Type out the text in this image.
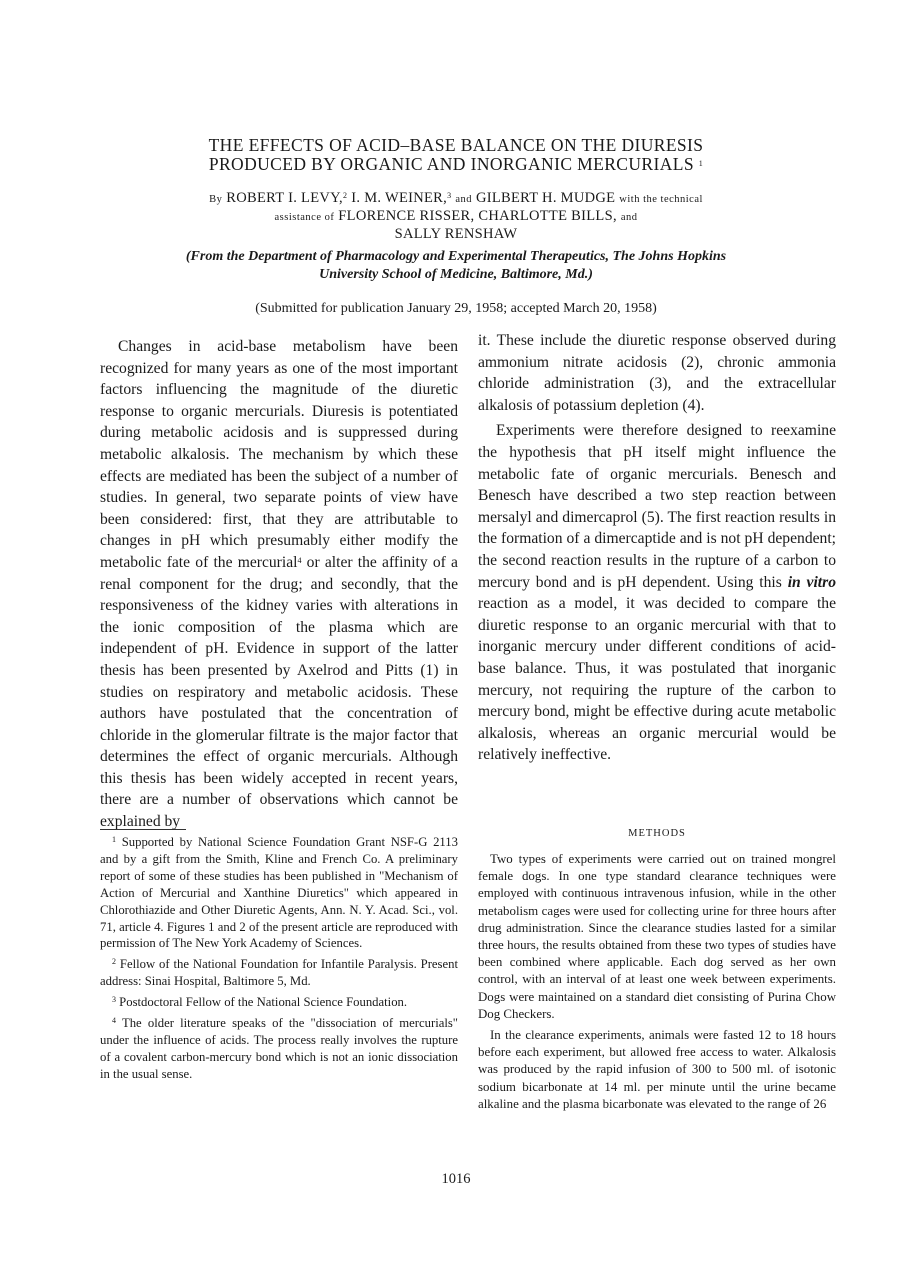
THE EFFECTS OF ACID–BASE BALANCE ON THE DIURESIS
PRODUCED BY ORGANIC AND INORGANIC MERCURIALS $^1$
By ROBERT I. LEVY,$^2$ I. M. WEINER,$^3$ and GILBERT H. MUDGE with the technical
assistance of FLORENCE RISSER, CHARLOTTE BILLS, and
SALLY RENSHAW
(From the Department of Pharmacology and Experimental Therapeutics, The Johns Hopkins
University School of Medicine, Baltimore, Md.)
(Submitted for publication January 29, 1958; accepted March 20, 1958)

Changes in acid-base metabolism have been recognized for many years as one of the most important factors influencing the magnitude of the diuretic response to organic mercurials. Diuresis is potentiated during metabolic acidosis and is suppressed during metabolic alkalosis. The mechanism by which these effects are mediated has been the subject of a number of studies. In general, two separate points of view have been considered: first, that they are attributable to changes in pH which presumably either modify the metabolic fate of the mercurial$^4$ or alter the affinity of a renal component for the drug; and secondly, that the responsiveness of the kidney varies with alterations in the ionic composition of the plasma which are independent of pH. Evidence in support of the latter thesis has been presented by Axelrod and Pitts (1) in studies on respiratory and metabolic acidosis. These authors have postulated that the concentration of chloride in the glomerular filtrate is the major factor that determines the effect of organic mercurials. Although this thesis has been widely accepted in recent years, there are a number of observations which cannot be explained by

it. These include the diuretic response observed during ammonium nitrate acidosis (2), chronic ammonia chloride administration (3), and the extracellular alkalosis of potassium depletion (4).

Experiments were therefore designed to reexamine the hypothesis that pH itself might influence the metabolic fate of organic mercurials. Benesch and Benesch have described a two step reaction between mersalyl and dimercaprol (5). The first reaction results in the formation of a dimercaptide and is not pH dependent; the second reaction results in the rupture of a carbon to mercury bond and is pH dependent. Using this in vitro reaction as a model, it was decided to compare the diuretic response to an organic mercurial with that to inorganic mercury under different conditions of acid-base balance. Thus, it was postulated that inorganic mercury, not requiring the rupture of the carbon to mercury bond, might be effective during acute metabolic alkalosis, whereas an organic mercurial would be relatively ineffective.

$^1$ Supported by National Science Foundation Grant NSF-G 2113 and by a gift from the Smith, Kline and French Co. A preliminary report of some of these studies has been published in "Mechanism of Action of Mercurial and Xanthine Diuretics" which appeared in Chlorothiazide and Other Diuretic Agents, Ann. N. Y. Acad. Sci., vol. 71, article 4. Figures 1 and 2 of the present article are reproduced with permission of The New York Academy of Sciences.

$^2$ Fellow of the National Foundation for Infantile Paralysis. Present address: Sinai Hospital, Baltimore 5, Md.

$^3$ Postdoctoral Fellow of the National Science Foundation.

$^4$ The older literature speaks of the "dissociation of mercurials" under the influence of acids. The process really involves the rupture of a covalent carbon-mercury bond which is not an ionic dissociation in the usual sense.

METHODS

Two types of experiments were carried out on trained mongrel female dogs. In one type standard clearance techniques were employed with continuous intravenous infusion, while in the other metabolism cages were used for collecting urine for three hours after drug administration. Since the clearance studies lasted for a similar three hours, the results obtained from these two types of studies have been combined where applicable. Each dog served as her own control, with an interval of at least one week between experiments. Dogs were maintained on a standard diet consisting of Purina Chow Dog Checkers.

In the clearance experiments, animals were fasted 12 to 18 hours before each experiment, but allowed free access to water. Alkalosis was produced by the rapid infusion of 300 to 500 ml. of isotonic sodium bicarbonate at 14 ml. per minute until the urine became alkaline and the plasma bicarbonate was elevated to the range of 26

1016
